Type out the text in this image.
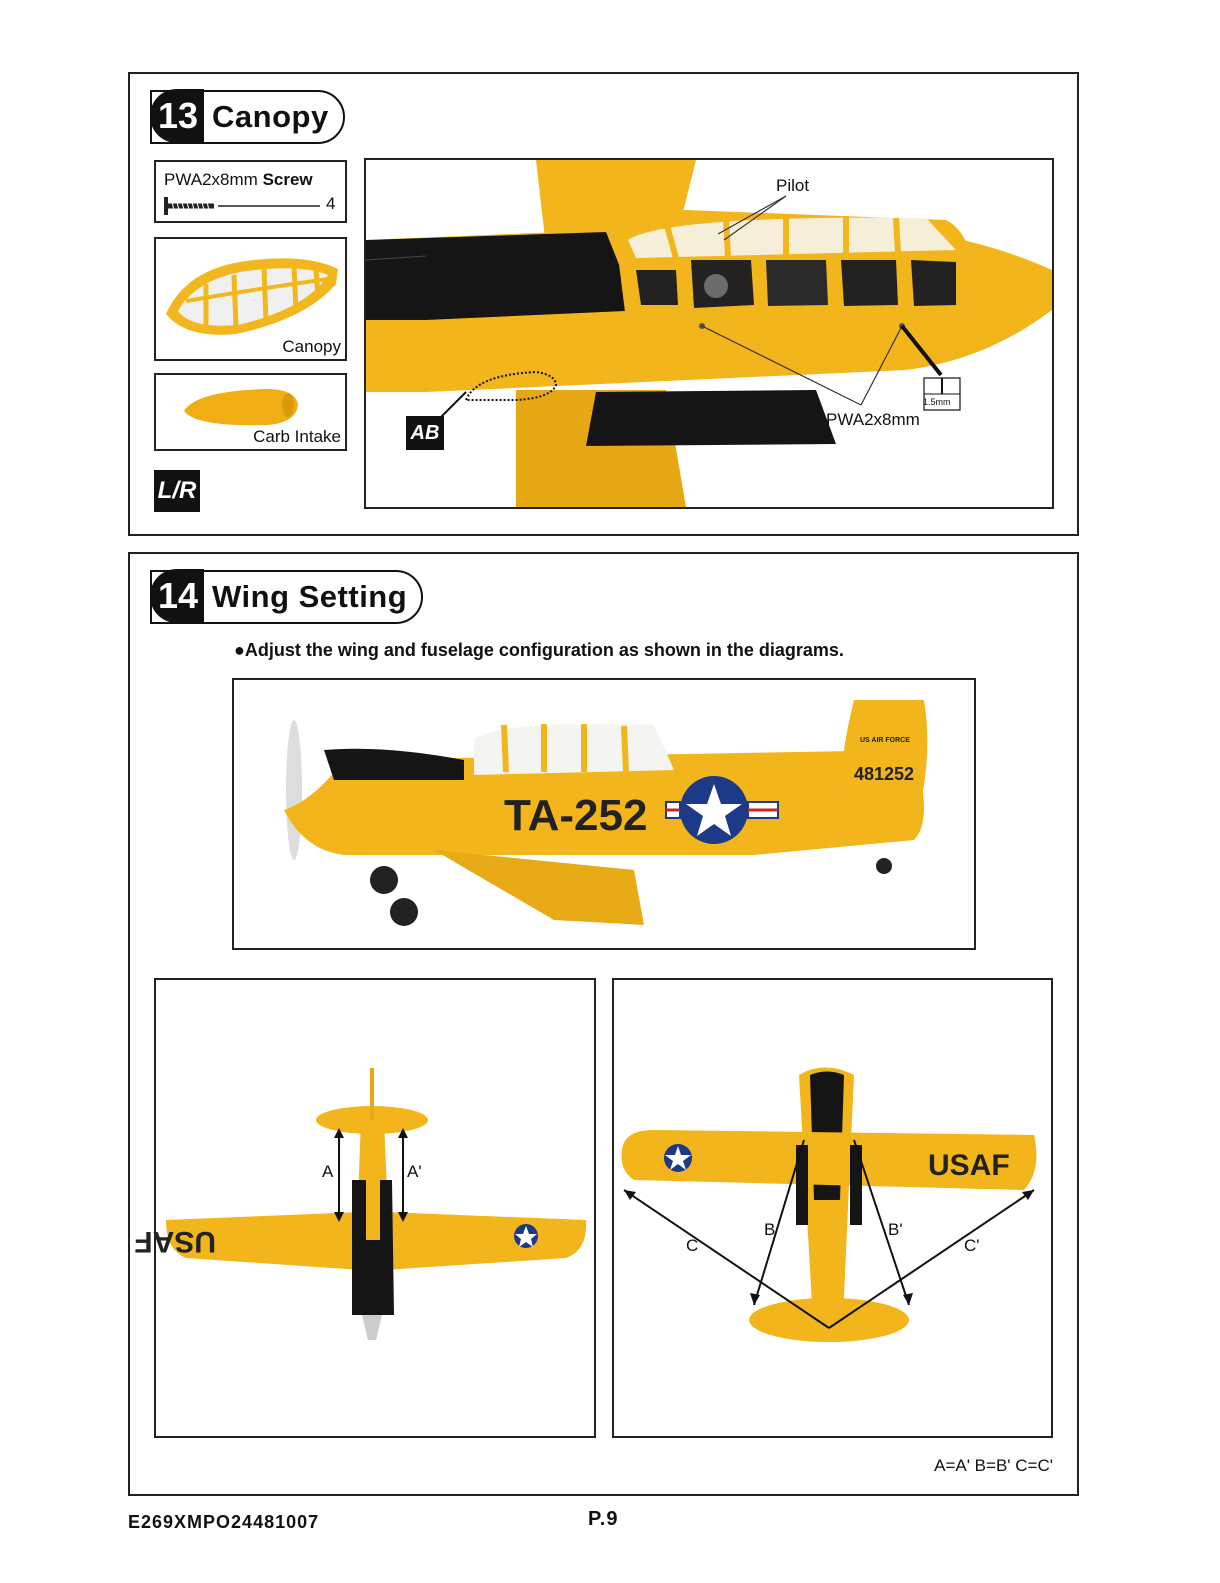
13 Canopy
PWA2x8mm Screw
4
Canopy
Carb Intake
L/R
Pilot
PWA2x8mm
1.5mm
AB
14 Wing Setting
●Adjust the wing and fuselage configuration as shown in the diagrams.
TA-252
481252
US AIR FORCE
USAF
A	A'	USAF
B	B'
C	C'
A=A' B=B' C=C'
E269XMPO24481007	P.9
